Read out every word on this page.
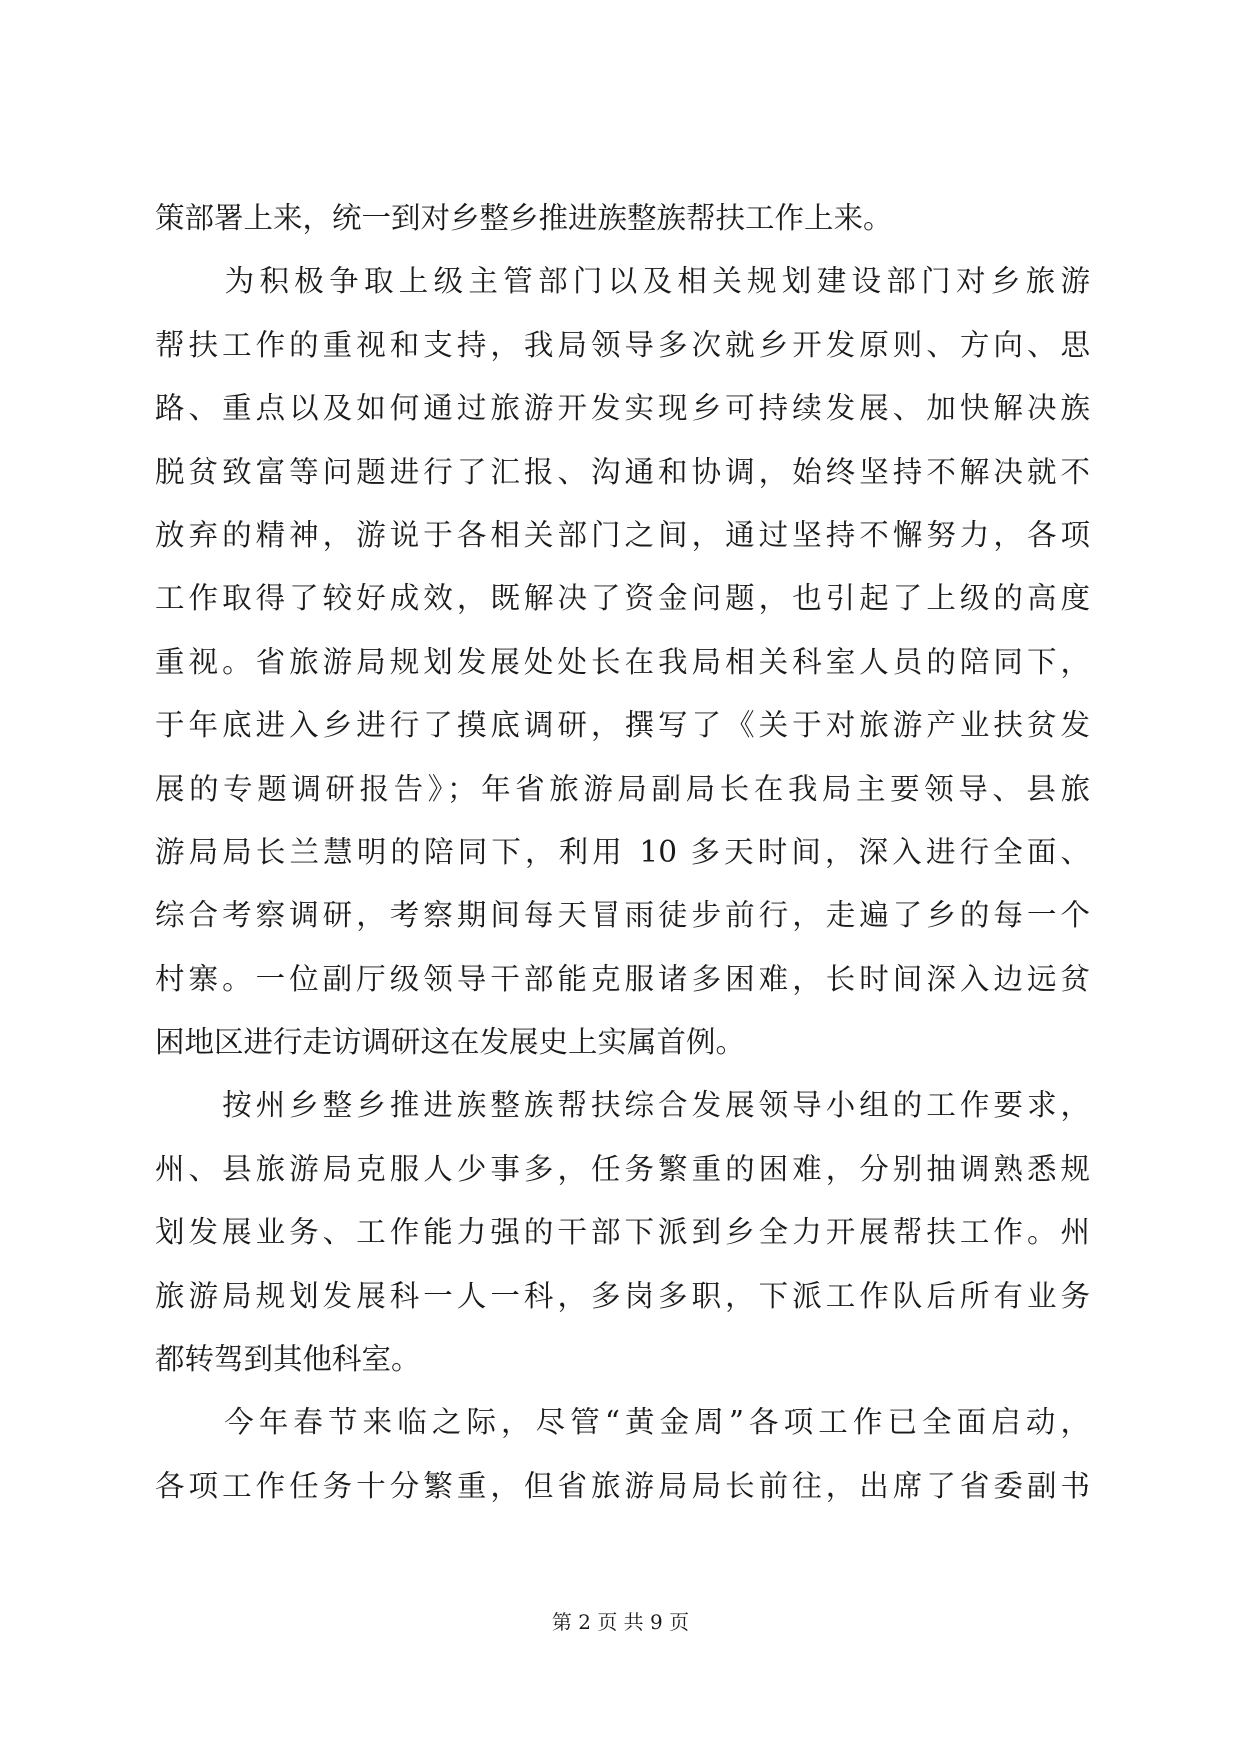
策部署上来，统一到对乡整乡推进族整族帮扶工作上来。
　　为积极争取上级主管部门以及相关规划建设部门对乡旅游
帮扶工作的重视和支持，我局领导多次就乡开发原则、方向、思
路、重点以及如何通过旅游开发实现乡可持续发展、加快解决族
脱贫致富等问题进行了汇报、沟通和协调，始终坚持不解决就不
放弃的精神，游说于各相关部门之间，通过坚持不懈努力，各项
工作取得了较好成效，既解决了资金问题，也引起了上级的高度
重视。省旅游局规划发展处处长在我局相关科室人员的陪同下，
于年底进入乡进行了摸底调研，撰写了《关于对旅游产业扶贫发
展的专题调研报告》；年省旅游局副局长在我局主要领导、县旅
游局局长兰慧明的陪同下，利用 10 多天时间，深入进行全面、
综合考察调研，考察期间每天冒雨徒步前行，走遍了乡的每一个
村寨。一位副厅级领导干部能克服诸多困难，长时间深入边远贫
困地区进行走访调研这在发展史上实属首例。
　　按州乡整乡推进族整族帮扶综合发展领导小组的工作要求，
州、县旅游局克服人少事多，任务繁重的困难，分别抽调熟悉规
划发展业务、工作能力强的干部下派到乡全力开展帮扶工作。州
旅游局规划发展科一人一科，多岗多职，下派工作队后所有业务
都转驾到其他科室。
　　今年春节来临之际，尽管“黄金周”各项工作已全面启动，
各项工作任务十分繁重，但省旅游局局长前往，出席了省委副书
第 2 页 共 9 页
